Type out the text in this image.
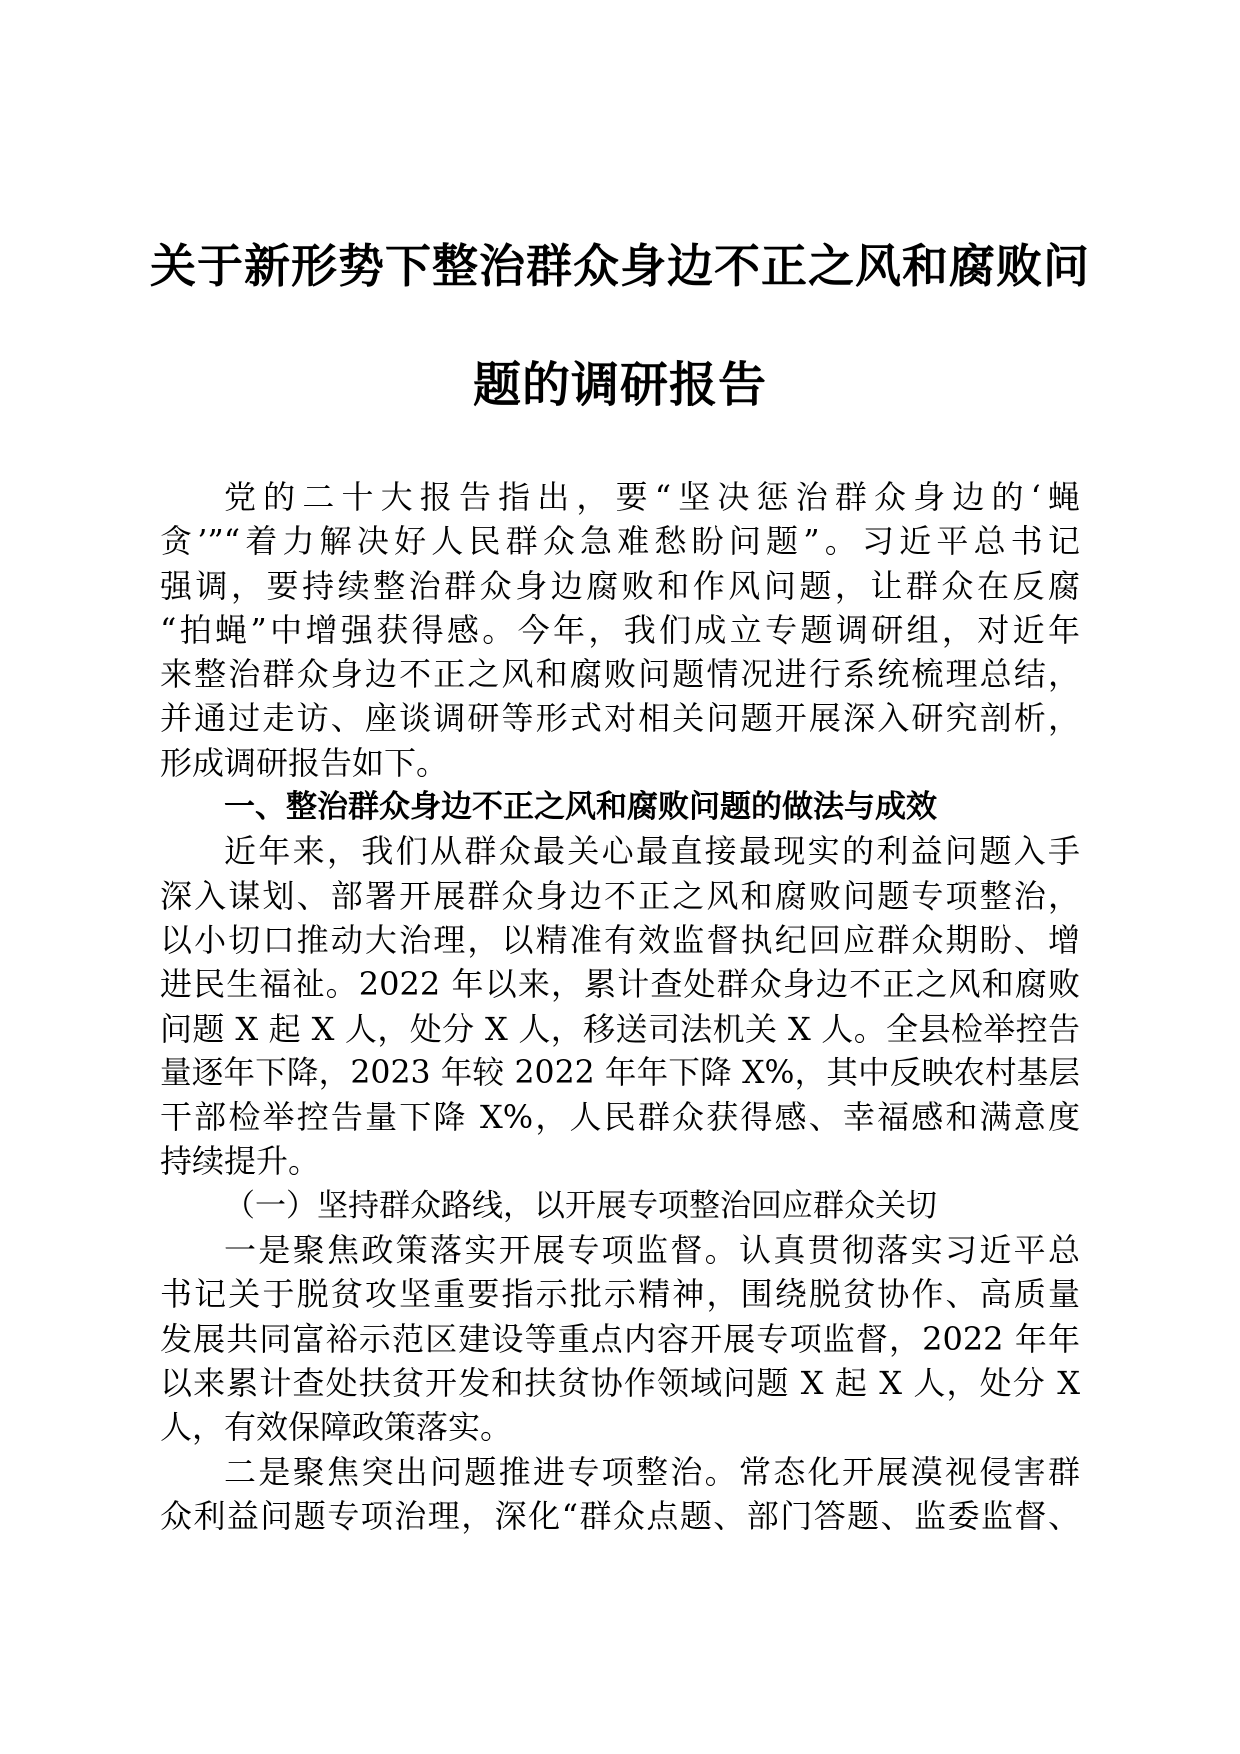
关于新形势下整治群众身边不正之风和腐败问
题的调研报告
党的二十大报告指出，要“坚决惩治群众身边的‘蝇
贪’”“着力解决好人民群众急难愁盼问题”。习近平总书记
强调，要持续整治群众身边腐败和作风问题，让群众在反腐
“拍蝇”中增强获得感。今年，我们成立专题调研组，对近年
来整治群众身边不正之风和腐败问题情况进行系统梳理总结，
并通过走访、座谈调研等形式对相关问题开展深入研究剖析，
形成调研报告如下。
一、整治群众身边不正之风和腐败问题的做法与成效
近年来，我们从群众最关心最直接最现实的利益问题入手
深入谋划、部署开展群众身边不正之风和腐败问题专项整治，
以小切口推动大治理，以精准有效监督执纪回应群众期盼、增
进民生福祉。2022 年以来，累计查处群众身边不正之风和腐败
问题 X 起 X 人，处分 X 人，移送司法机关 X 人。全县检举控告
量逐年下降，2023 年较 2022 年年下降 X%，其中反映农村基层
干部检举控告量下降 X%，人民群众获得感、幸福感和满意度
持续提升。
（一）坚持群众路线，以开展专项整治回应群众关切
一是聚焦政策落实开展专项监督。认真贯彻落实习近平总
书记关于脱贫攻坚重要指示批示精神，围绕脱贫协作、高质量
发展共同富裕示范区建设等重点内容开展专项监督，2022 年年
以来累计查处扶贫开发和扶贫协作领域问题 X 起 X 人，处分 X
人，有效保障政策落实。
二是聚焦突出问题推进专项整治。常态化开展漠视侵害群
众利益问题专项治理，深化“群众点题、部门答题、监委监督、
